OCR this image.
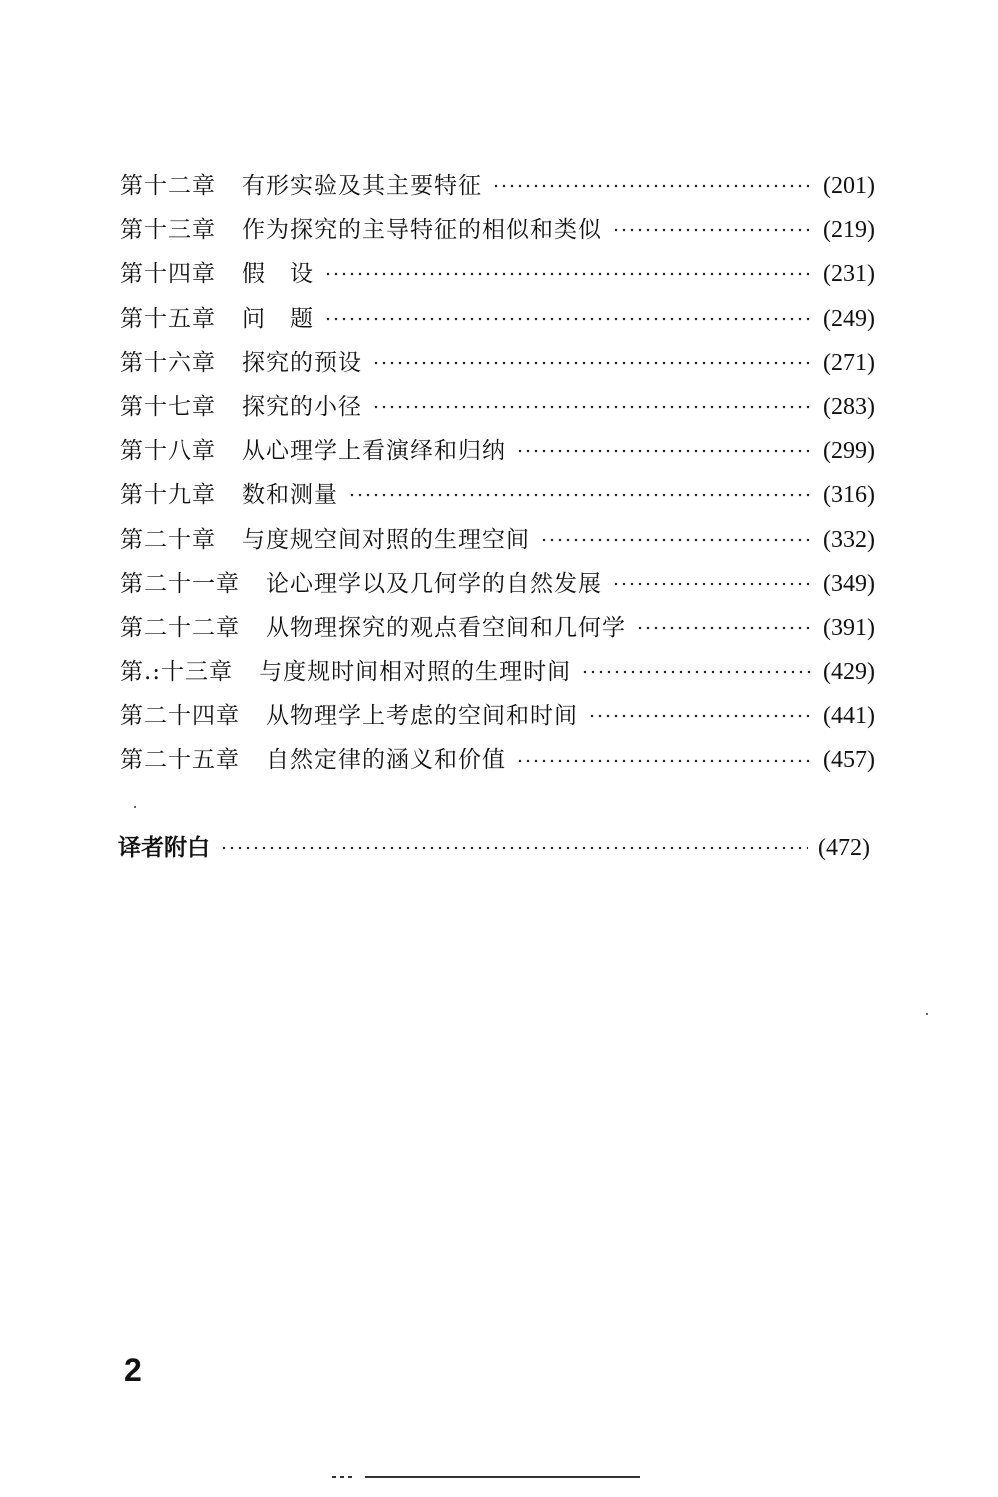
第十二章 有形实验及其主要特征	(201)
第十三章 作为探究的主导特征的相似和类似	(219)
第十四章 假　设	(231)
第十五章 问　题	(249)
第十六章 探究的预设	(271)
第十七章 探究的小径	(283)
第十八章 从心理学上看演绎和归纳	(299)
第十九章 数和测量	(316)
第二十章 与度规空间对照的生理空间	(332)
第二十一章 论心理学以及几何学的自然发展	(349)
第二十二章 从物理探究的观点看空间和几何学	(391)
第.:十三章 与度规时间相对照的生理时间	(429)
第二十四章 从物理学上考虑的空间和时间	(441)
第二十五章 自然定律的涵义和价值	(457)
译者附白	(472)
2
